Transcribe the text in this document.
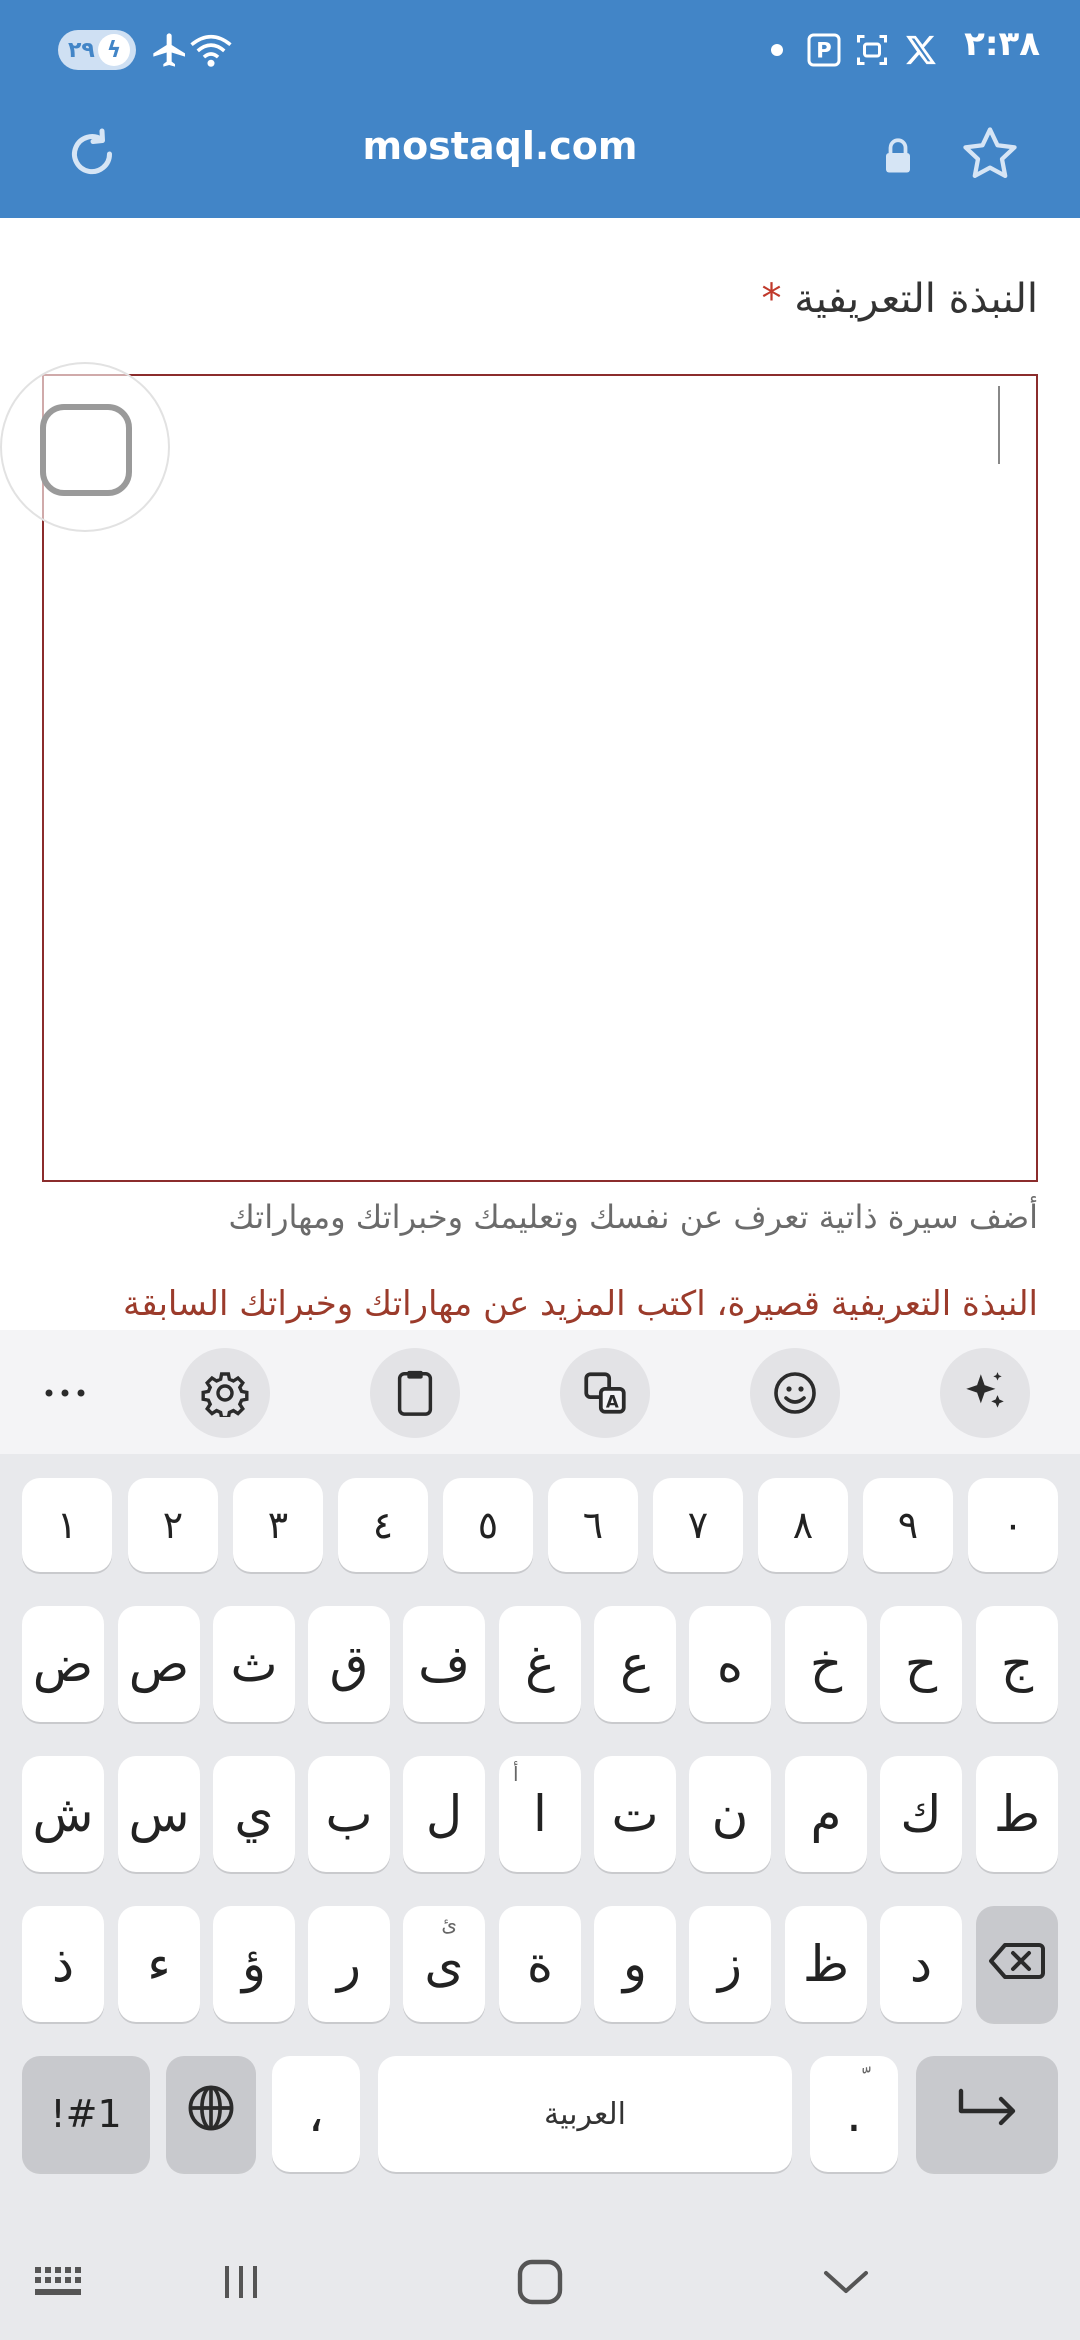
٢٩ ϟ	P	٢:٣٨
mostaql.com
النبذة التعريفية *
أضف سيرة ذاتية تعرف عن نفسك وتعليمك وخبراتك ومهاراتك
النبذة التعريفية قصيرة، اكتب المزيد عن مهاراتك وخبراتك السابقة
A
١	٢	٣	٤	٥	٦	٧	٨	٩	٠
ض ص ث	ق ف	غ	ع	ه	خ	ح	ج
ش س ي	ب	ل
أ
ا	ت	ن	م	ك	ط
ذ	ء	ؤ	ر
ئ
ى	ة	و	ز	ظ	د
!#1	،	العربية	.
